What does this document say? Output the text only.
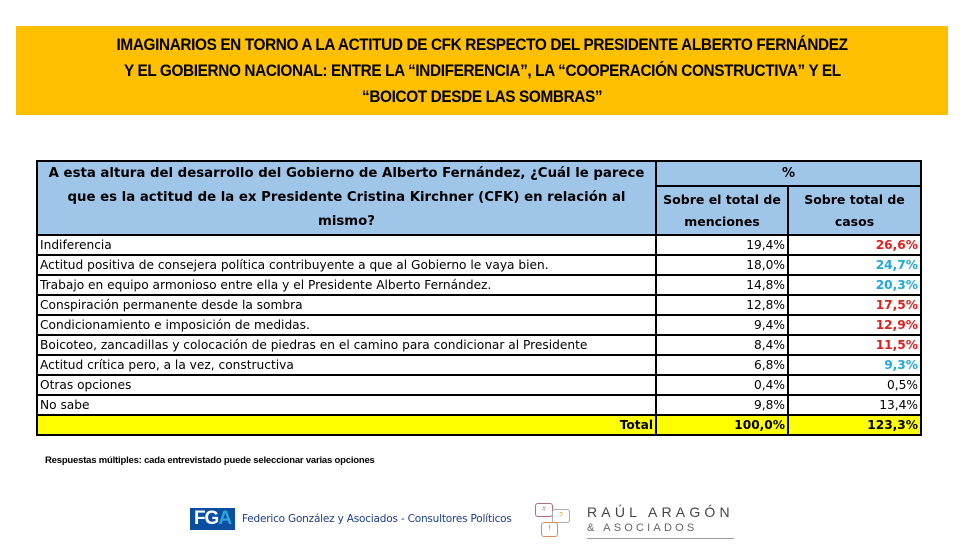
IMAGINARIOS EN TORNO A LA ACTITUD DE CFK RESPECTO DEL PRESIDENTE ALBERTO FERNÁNDEZ
Y EL GOBIERNO NACIONAL: ENTRE LA “INDIFERENCIA”, LA “COOPERACIÓN CONSTRUCTIVA” Y EL
“BOICOT DESDE LAS SOMBRAS”
A esta altura del desarrollo del Gobierno de Alberto Fernández, ¿Cuál le parece que es la actitud de la ex Presidente Cristina Kirchner (CFK) en relación al mismo?	%	
	Sobre el total de menciones	Sobre total de casos
Indiferencia	19,4%	26,6%
Actitud positiva de consejera política contribuyente a que al Gobierno le vaya bien.	18,0%	24,7%
Trabajo en equipo armonioso entre ella y el Presidente Alberto Fernández.	14,8%	20,3%
Conspiración permanente desde la sombra	12,8%	17,5%
Condicionamiento e imposición de medidas.	9,4%	12,9%
Boicoteo, zancadillas y colocación de piedras en el camino para condicionar al Presidente	8,4%	11,5%
Actitud crítica pero, a la vez, constructiva	6,8%	9,3%
Otras opciones	0,4%	0,5%
No sabe	9,8%	13,4%
Total	100,0%	123,3%
Respuestas múltiples: cada entrevistado puede seleccionar varias opciones
F G A Federico González y Asociados - Consultores Políticos
#
?
!
RAÚL ARAGÓN
& ASOCIADOS
